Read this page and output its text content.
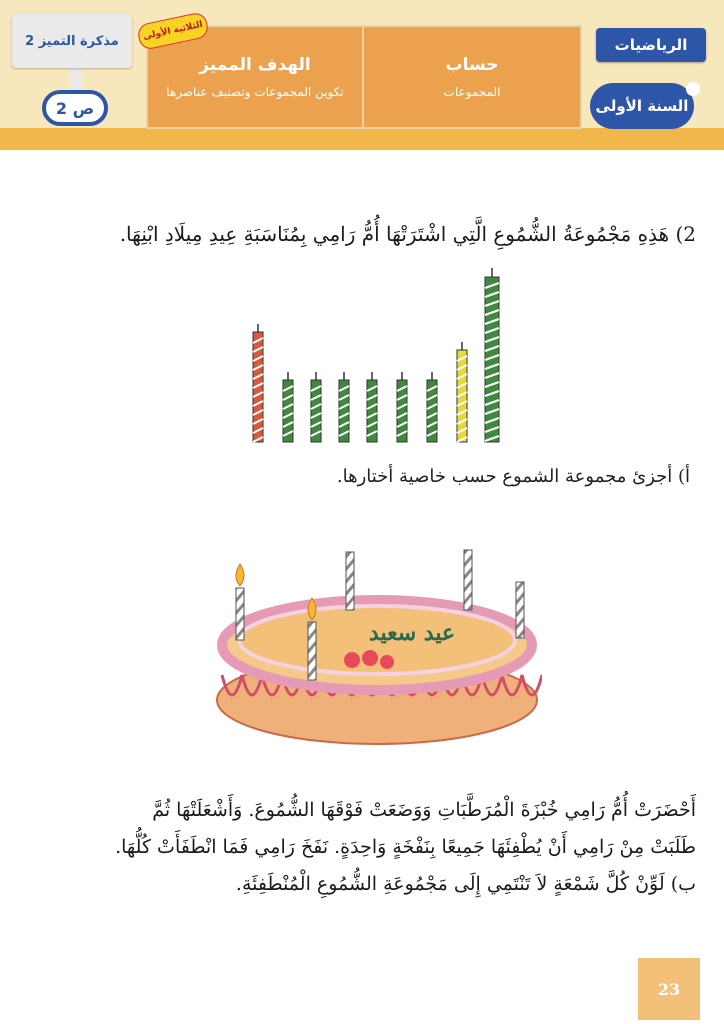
الرياضيات
السنة الأولى
حساب
المجموعات
الهدف المميز
تكوين المجموعات وتصنيف عناصرها
الثلاثية الأولى
مذكرة التميز 2
ص 2
2) هَذِهِ مَجْمُوعَةُ الشُّمُوعِ الَّتِي اشْتَرَتْهَا أُمُّ رَامِي بِمُنَاسَبَةِ عِيدِ مِيلَادِ ابْنِهَا.
أ) أجزئ مجموعة الشموع حسب خاصية أختارها.
عيد سعيد
أَحْضَرَتْ أُمُّ رَامِي خُبْزَةَ الْمُرَطَّبَاتِ وَوَضَعَتْ فَوْقَهَا الشُّمُوعَ. وَأَشْعَلَتْهَا ثُمَّ
طَلَبَتْ مِنْ رَامِي أَنْ يُطْفِئَهَا جَمِيعًا بِنَفْخَةٍ وَاحِدَةٍ. نَفَخَ رَامِي فَمَا انْطَفَأَتْ كُلُّهَا.
ب) لَوِّنْ كُلَّ شَمْعَةٍ لاَ تَنْتَمِي إِلَى مَجْمُوعَةِ الشُّمُوعِ الْمُنْطَفِئَةِ.
23
